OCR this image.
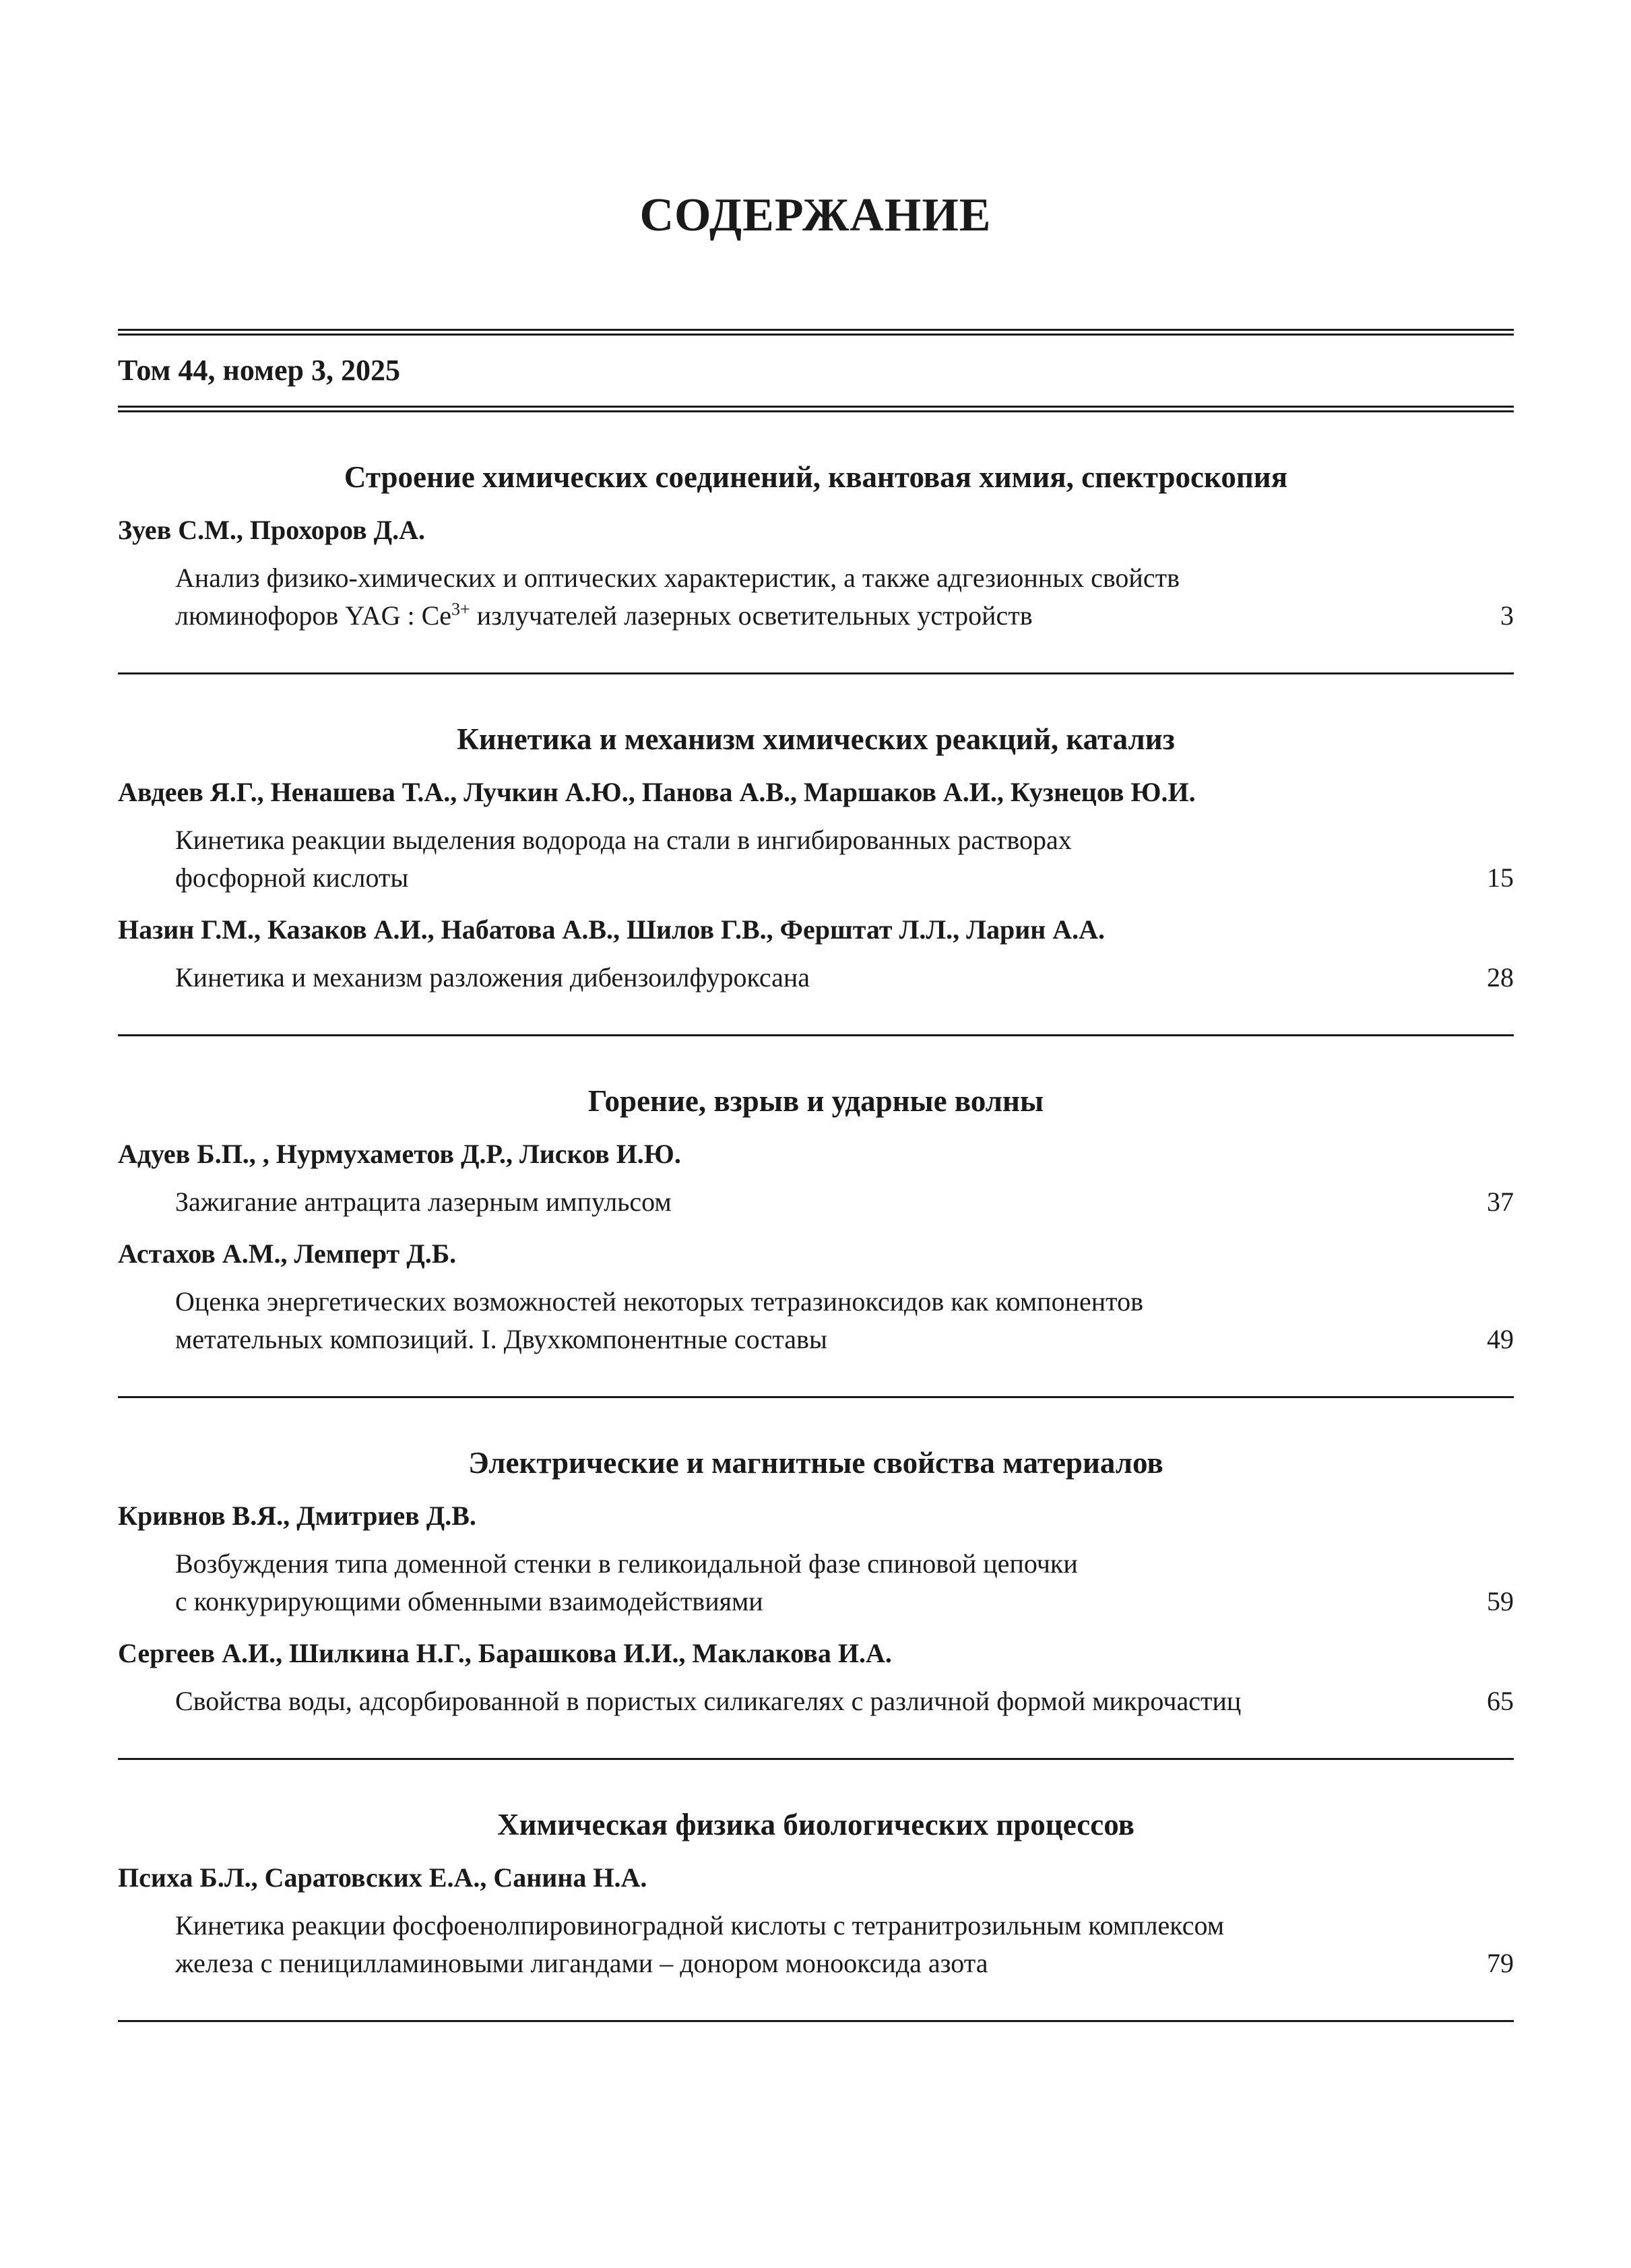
СОДЕРЖАНИЕ
Том 44, номер 3, 2025
Строение химических соединений, квантовая химия, спектроскопия
Зуев С.М., Прохоров Д.А.
Анализ физико-химических и оптических характеристик, а также адгезионных свойств
люминофоров YAG : $Ce^{3+}$ излучателей лазерных осветительных устройств	3
Кинетика и механизм химических реакций, катализ
Авдеев Я.Г., Ненашева Т.А., Лучкин А.Ю., Панова А.В., Маршаков А.И., Кузнецов Ю.И.
Кинетика реакции выделения водорода на стали в ингибированных растворах
фосфорной кислоты	15
Назин Г.М., Казаков А.И., Набатова А.В., Шилов Г.В., Ферштат Л.Л., Ларин А.А.
Кинетика и механизм разложения дибензоилфуроксана	28
Горение, взрыв и ударные волны
Адуев Б.П., , Нурмухаметов Д.Р., Лисков И.Ю.
Зажигание антрацита лазерным импульсом	37
Астахов А.М., Лемперт Д.Б.
Оценка энергетических возможностей некоторых тетразиноксидов как компонентов
метательных композиций. I. Двухкомпонентные составы	49
Электрические и магнитные свойства материалов
Кривнов В.Я., Дмитриев Д.В.
Возбуждения типа доменной стенки в геликоидальной фазе спиновой цепочки
с конкурирующими обменными взаимодействиями	59
Сергеев А.И., Шилкина Н.Г., Барашкова И.И., Маклакова И.А.
Свойства воды, адсорбированной в пористых силикагелях с различной формой микрочастиц	65
Химическая физика биологических процессов
Психа Б.Л., Саратовских Е.А., Санина Н.А.
Кинетика реакции фосфоенолпировиноградной кислоты с тетранитрозильным комплексом
железа с пеницилламиновыми лигандами – донором монооксида азота	79
